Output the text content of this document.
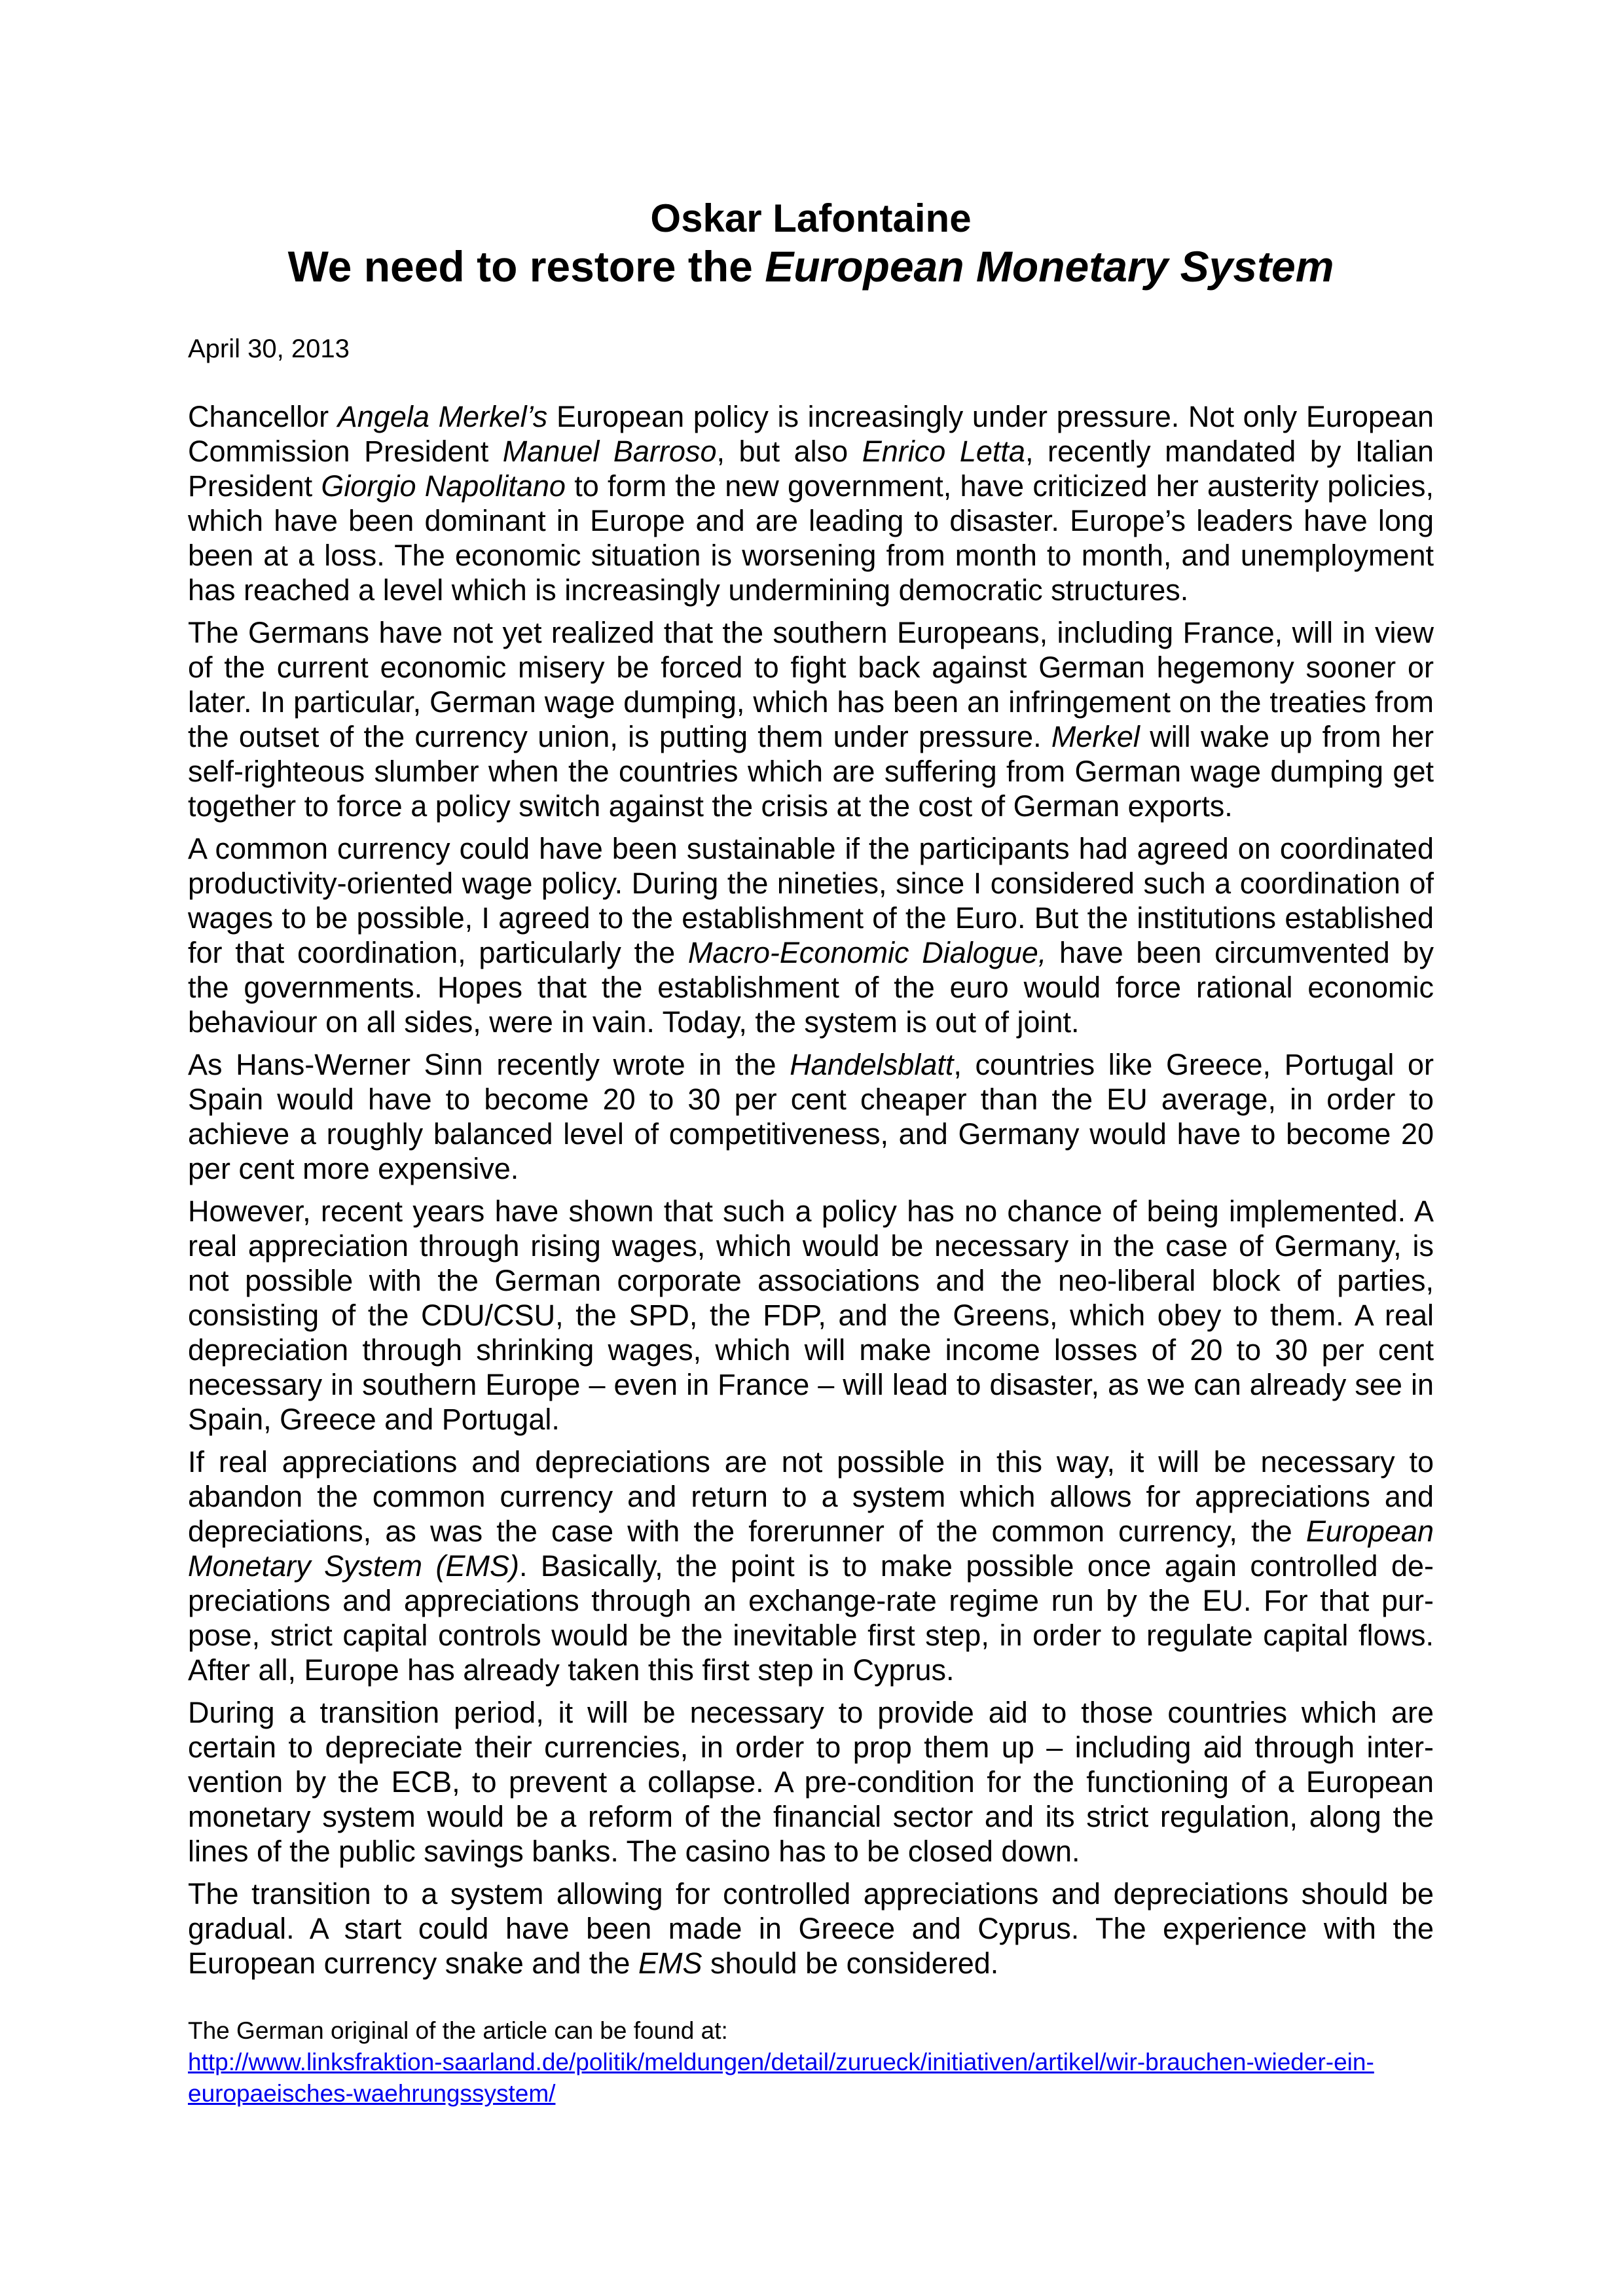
Oskar Lafontaine
We need to restore the European Monetary System

April 30, 2013

Chancellor Angela Merkel’s European policy is increasingly under pressure. Not only European Commission President Manuel Barroso, but also Enrico Letta, recently mandated by Italian President Giorgio Napolitano to form the new government, have criticized her austerity policies, which have been dominant in Europe and are leading to disaster. Europe’s leaders have long been at a loss. The economic situation is worsening from month to month, and unemployment has reached a level which is increasingly undermining democratic structures.

The Germans have not yet realized that the southern Europeans, including France, will in view of the current economic misery be forced to fight back against German hegemony sooner or later. In particular, German wage dumping, which has been an infringement on the treaties from the outset of the currency union, is putting them under pressure. Merkel will wake up from her self-righteous slumber when the countries which are suffering from German wage dumping get together to force a policy switch against the crisis at the cost of German exports.

A common currency could have been sustainable if the participants had agreed on coordinated productivity-oriented wage policy. During the nineties, since I considered such a coordination of wages to be possible, I agreed to the establishment of the Euro. But the institutions established for that coordination, particularly the Macro-Economic Dialogue, have been circumvented by the governments. Hopes that the establishment of the euro would force rational economic behaviour on all sides, were in vain. Today, the system is out of joint.

As Hans-Werner Sinn recently wrote in the Handelsblatt, countries like Greece, Portugal or Spain would have to become 20 to 30 per cent cheaper than the EU average, in order to achieve a roughly balanced level of competitiveness, and Germany would have to become 20 per cent more expensive.

However, recent years have shown that such a policy has no chance of being implemented. A real appreciation through rising wages, which would be necessary in the case of Germany, is not possible with the German corporate associations and the neo-liberal block of parties, consisting of the CDU/CSU, the SPD, the FDP, and the Greens, which obey to them. A real depreciation through shrinking wages, which will make income losses of 20 to 30 per cent necessary in southern Europe – even in France – will lead to disaster, as we can already see in Spain, Greece and Portugal.

If real appreciations and depreciations are not possible in this way, it will be necessary to abandon the common currency and return to a system which allows for appreciations and depreciations, as was the case with the forerunner of the common currency, the European Monetary System (EMS). Basically, the point is to make possible once again controlled depreciations and appreciations through an exchange-rate regime run by the EU. For that purpose, strict capital controls would be the inevitable first step, in order to regulate capital flows. After all, Europe has already taken this first step in Cyprus.

During a transition period, it will be necessary to provide aid to those countries which are certain to depreciate their currencies, in order to prop them up – including aid through intervention by the ECB, to prevent a collapse. A pre-condition for the functioning of a European monetary system would be a reform of the financial sector and its strict regulation, along the lines of the public savings banks. The casino has to be closed down.

The transition to a system allowing for controlled appreciations and depreciations should be gradual. A start could have been made in Greece and Cyprus. The experience with the European currency snake and the EMS should be considered.

The German original of the article can be found at:

http://www.linksfraktion-saarland.de/politik/meldungen/detail/zurueck/initiativen/artikel/wir-brauchen-wieder-ein-europaeisches-waehrungssystem/
